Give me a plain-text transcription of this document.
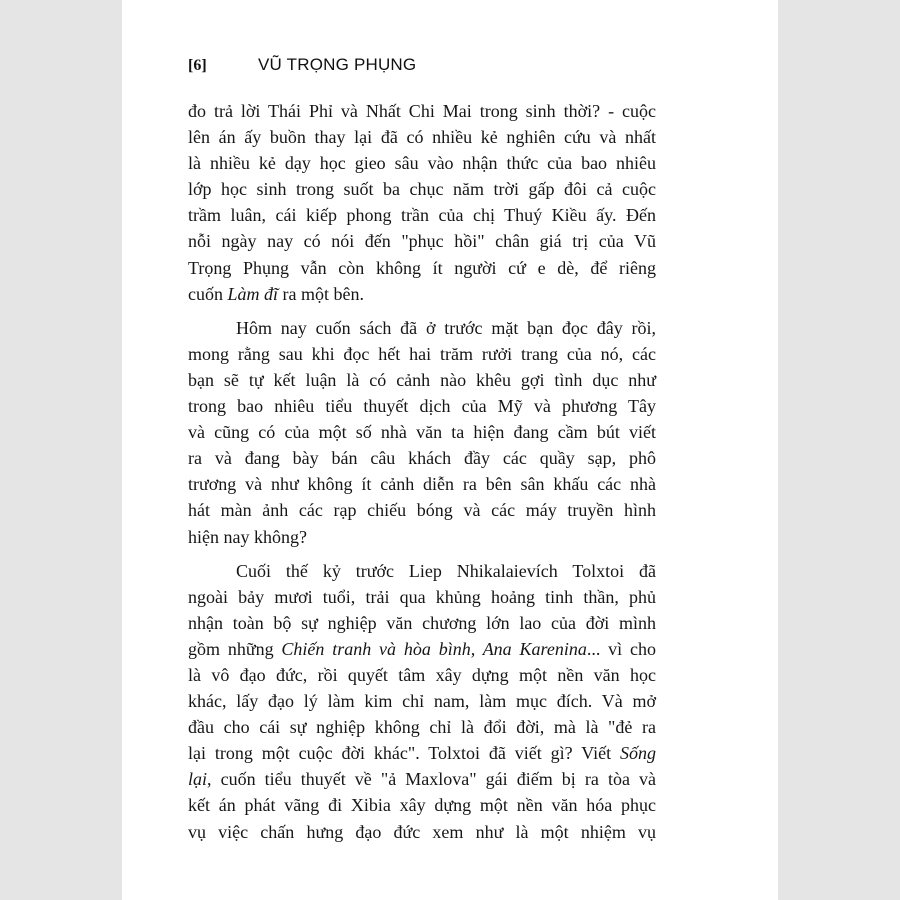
[6]	VŨ TRỌNG PHỤNG

đo trả lời Thái Phỉ và Nhất Chi Mai trong sinh thời? - cuộc
lên án ấy buồn thay lại đã có nhiều kẻ nghiên cứu và nhất
là nhiều kẻ dạy học gieo sâu vào nhận thức của bao nhiêu
lớp học sinh trong suốt ba chục năm trời gấp đôi cả cuộc
trầm luân, cái kiếp phong trần của chị Thuý Kiều ấy. Đến
nỗi ngày nay có nói đến "phục hồi" chân giá trị của Vũ
Trọng Phụng vẫn còn không ít người cứ e dè, để riêng
cuốn Làm đĩ ra một bên.

Hôm nay cuốn sách đã ở trước mặt bạn đọc đây rồi,
mong rằng sau khi đọc hết hai trăm rưởi trang của nó, các
bạn sẽ tự kết luận là có cảnh nào khêu gợi tình dục như
trong bao nhiêu tiểu thuyết dịch của Mỹ và phương Tây
và cũng có của một số nhà văn ta hiện đang cầm bút viết
ra và đang bày bán câu khách đầy các quầy sạp, phô
trương và như không ít cảnh diễn ra bên sân khấu các nhà
hát màn ảnh các rạp chiếu bóng và các máy truyền hình
hiện nay không?

Cuối thế kỷ trước Liep Nhikalaievích Tolxtoi đã
ngoài bảy mươi tuổi, trải qua khủng hoảng tinh thần, phủ
nhận toàn bộ sự nghiệp văn chương lớn lao của đời mình
gồm những Chiến tranh và hòa bình, Ana Karenina... vì cho
là vô đạo đức, rồi quyết tâm xây dựng một nền văn học
khác, lấy đạo lý làm kim chỉ nam, làm mục đích. Và mở
đầu cho cái sự nghiệp không chỉ là đổi đời, mà là "đẻ ra
lại trong một cuộc đời khác". Tolxtoi đã viết gì? Viết Sống
lại, cuốn tiểu thuyết về "ả Maxlova" gái điếm bị ra tòa và
kết án phát vãng đi Xibia xây dựng một nền văn hóa phục
vụ việc chấn hưng đạo đức xem như là một nhiệm vụ
